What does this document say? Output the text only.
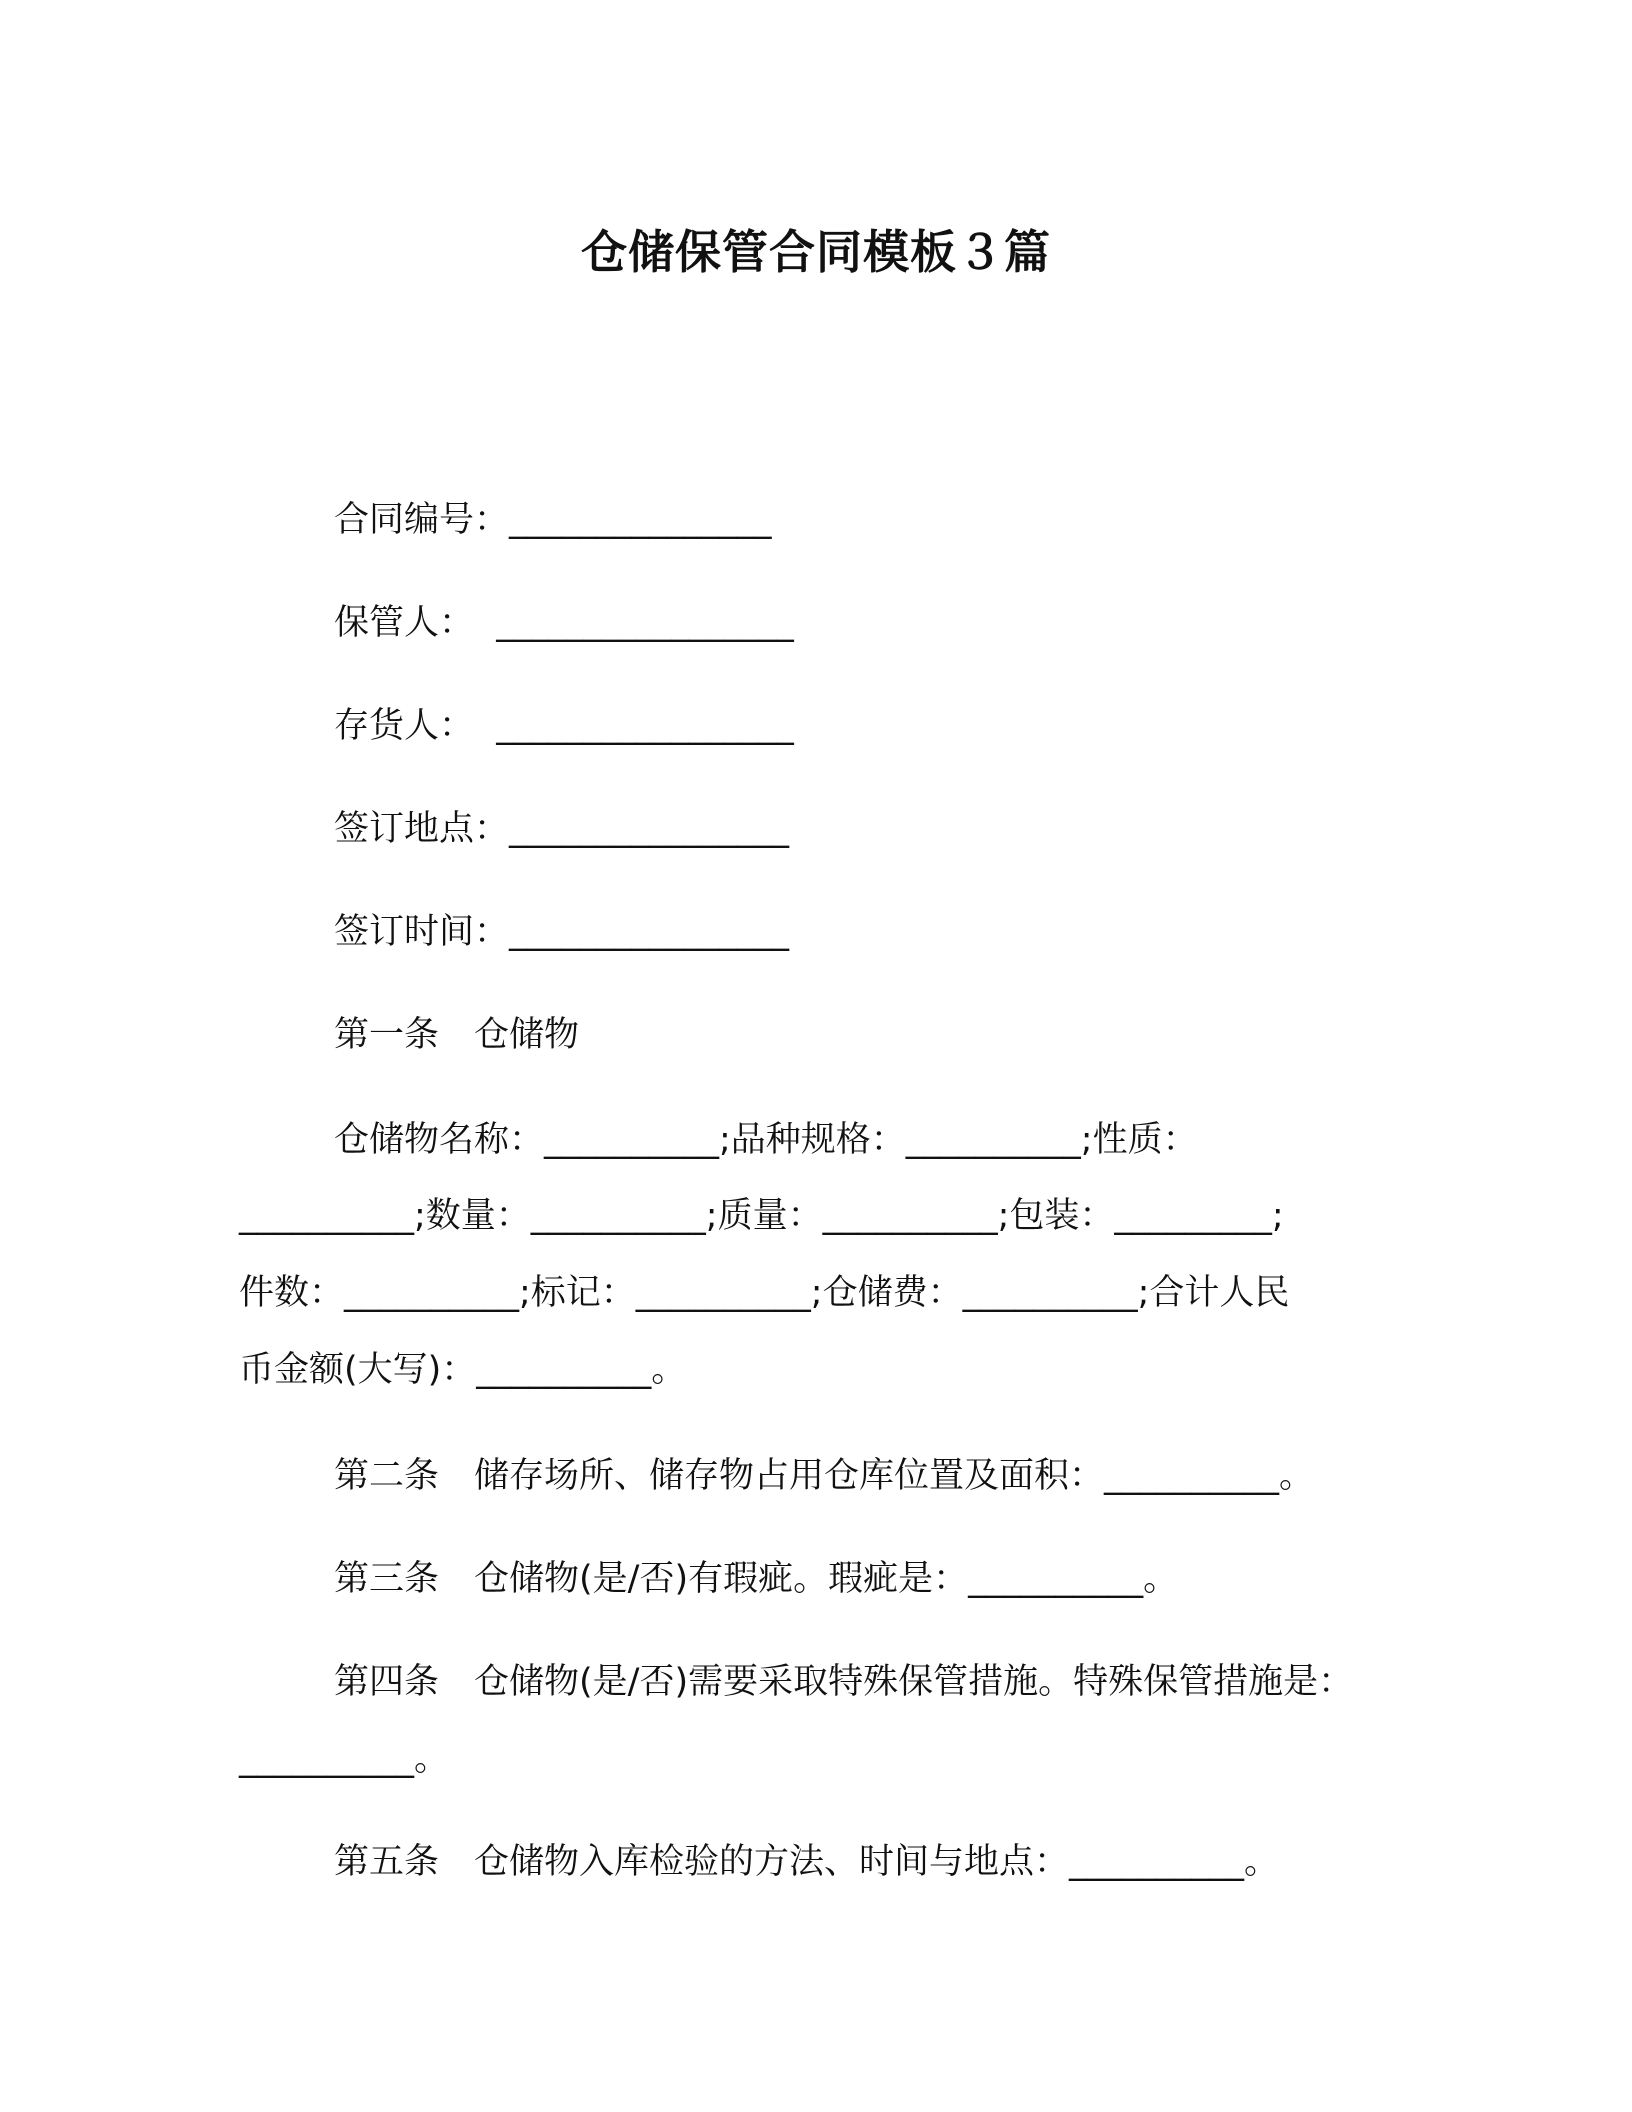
仓储保管合同模板３篇
合同编号：_______________
保管人：  _________________
存货人：  _________________
签订地点：________________
签订时间：________________
第一条　仓储物
仓储物名称：__________;品种规格：__________;性质：
__________;数量：__________;质量：__________;包装：_________;
件数：__________;标记：__________;仓储费：__________;合计人民
币金额(大写)：__________。
第二条　储存场所、储存物占用仓库位置及面积：__________。
第三条　仓储物(是/否)有瑕疵。瑕疵是：__________。
第四条　仓储物(是/否)需要采取特殊保管措施。特殊保管措施是：
__________。
第五条　仓储物入库检验的方法、时间与地点：__________。
